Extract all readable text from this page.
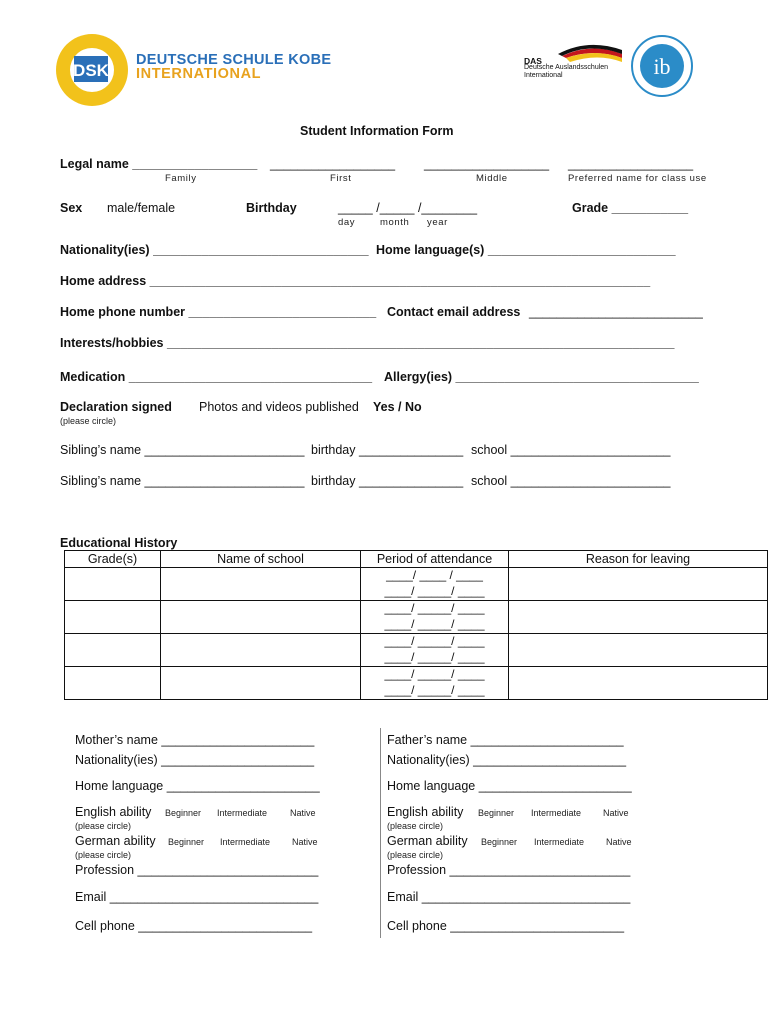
DSK
DEUTSCHE SCHULE KOBE
INTERNATIONAL
DAS
Deutsche Auslandsschulen
International	ib
Student Information Form
Legal name __________________ __________________ __________________ __________________
Family	First	Middle	Preferred name for class use
Sex male/female	Birthday	_____ /_____ /________
day	month year
Grade ___________
Nationality(ies) _______________________________ Home language(s) ___________________________
Home address ________________________________________________________________________
Home phone number ___________________________ Contact email address _________________________
Interests/hobbies _________________________________________________________________________
Medication ___________________________________ Allergy(ies) ___________________________________
Declaration signed
(please circle)
Photos and videos published Yes / No
Sibling’s name _______________________ birthday _______________ school _______________________
Sibling’s name _______________________ birthday _______________ school _______________________
Educational History
Grade(s)	Name of school	Period of attendance	Reason for leaving

		____/ ____ / ____
____/ _____/ ____	

		____/ _____/ ____
____/ _____/ ____	

		____/ _____/ ____
____/ _____/ ____	

		____/ _____/ ____
____/ _____/ ____	

Mother’s name ______________________
Nationality(ies) ______________________
Home language ______________________
English ability Beginner Intermediate	Native
(please circle)
German ability Beginner Intermediate Native
(please circle)
Profession __________________________
Email ______________________________
Cell phone _________________________
Father’s name ______________________
Nationality(ies) ______________________
Home language ______________________
English ability Beginner Intermediate Native
(please circle)
German ability Beginner Intermediate Native
(please circle)
Profession __________________________
Email ______________________________
Cell phone _________________________
